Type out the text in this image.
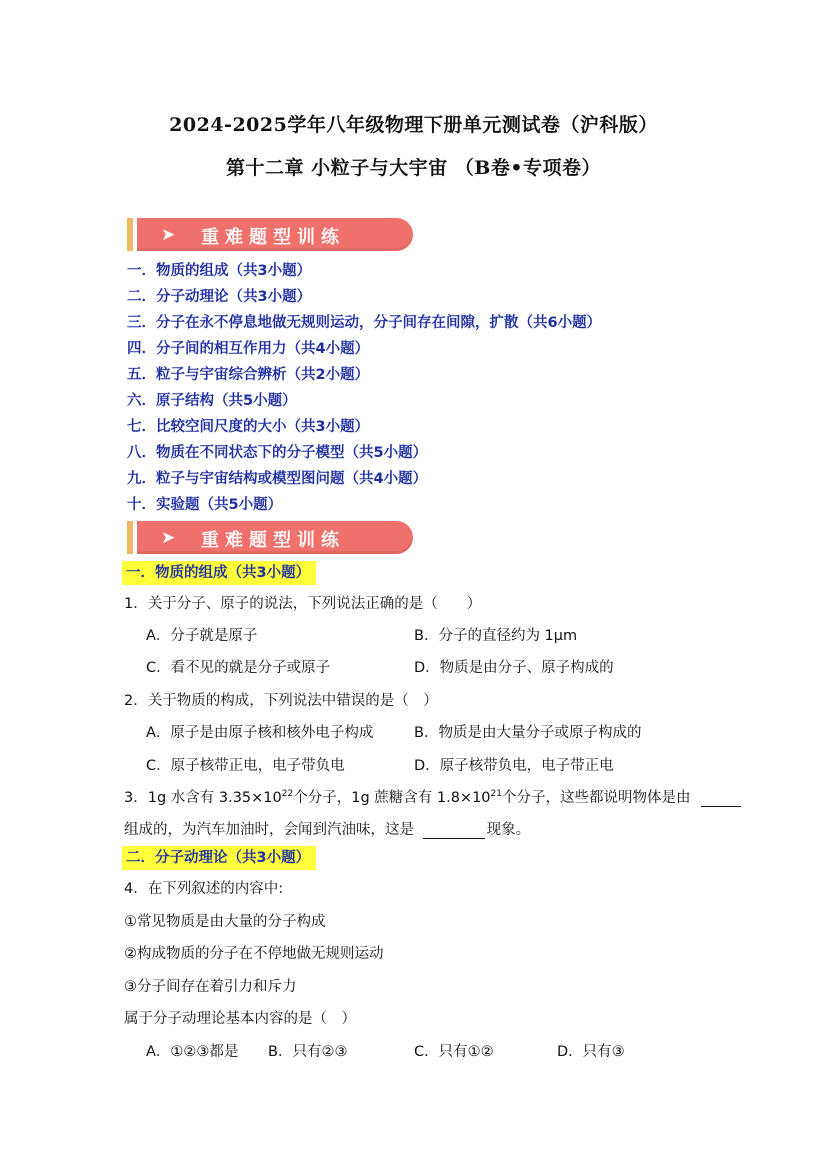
2024-2025学年八年级物理下册单元测试卷（沪科版）
第十二章 小粒子与大宇宙 （B卷•专项卷）
➤ 重难题型训练
一．物质的组成（共3小题）
二．分子动理论（共3小题）
三．分子在永不停息地做无规则运动，分子间存在间隙，扩散（共6小题）
四．分子间的相互作用力（共4小题）
五．粒子与宇宙综合辨析（共2小题）
六．原子结构（共5小题）
七．比较空间尺度的大小（共3小题）
八．物质在不同状态下的分子模型（共5小题）
九．粒子与宇宙结构或模型图问题（共4小题）
十．实验题（共5小题）
➤ 重难题型训练
一．物质的组成（共3小题）
1．关于分子、原子的说法，下列说法正确的是（　　）
A．分子就是原子	B．分子的直径约为 1μm
C．看不见的就是分子或原子	D．物质是由分子、原子构成的
2．关于物质的构成，下列说法中错误的是（　）
A．原子是由原子核和核外电子构成	B．物质是由大量分子或原子构成的
C．原子核带正电，电子带负电	D．原子核带负电，电子带正电
3．1g 水含有 $3.35\times 10^{22}$个分子，1g 蔗糖含有 $1.8\times 10^{21}$个分子，这些都说明物体是由
组成的，为汽车加油时，会闻到汽油味，这是	现象。
二．分子动理论（共3小题）
4．在下列叙述的内容中:
①常见物质是由大量的分子构成
②构成物质的分子在不停地做无规则运动
③分子间存在着引力和斥力
属于分子动理论基本内容的是（　）
A．①②③都是 B．只有②③	C．只有①②	D．只有③
